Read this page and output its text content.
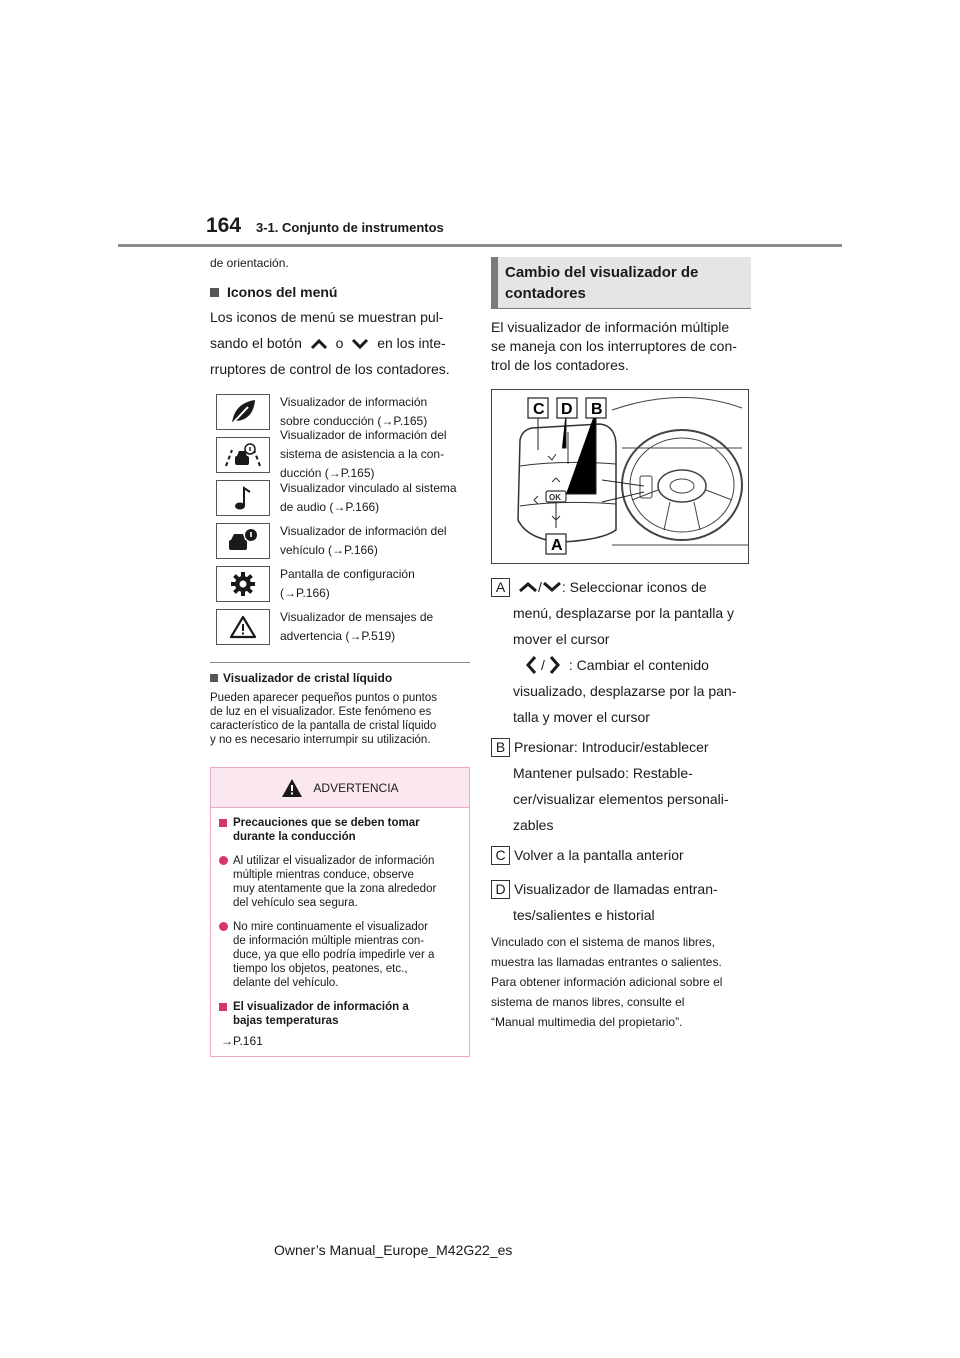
164 3-1. Conjunto de instrumentos
de orientación.
Iconos del menú
Los iconos de menú se muestran pul-
sando el botón o en los inte-
rruptores de control de los contadores.
Visualizador de información
sobre conducción (→P.165)
Visualizador de información del
sistema de asistencia a la con-
ducción (→P.165)
Visualizador vinculado al sistema
de audio (→P.166)
Visualizador de información del
vehículo (→P.166)
Pantalla de configuración
(→P.166)
Visualizador de mensajes de
advertencia (→P.519)
Visualizador de cristal líquido
Pueden aparecer pequeños puntos o puntos
de luz en el visualizador. Este fenómeno es
característico de la pantalla de cristal líquido
y no es necesario interrumpir su utilización.
ADVERTENCIA
Precauciones que se deben tomar
durante la conducción
Al utilizar el visualizador de información
múltiple mientras conduce, observe
muy atentamente que la zona alrededor
del vehículo sea segura.
No mire continuamente el visualizador
de información múltiple mientras con-
duce, ya que ello podría impedirle ver a
tiempo los objetos, peatones, etc.,
delante del vehículo.
El visualizador de información a
bajas temperaturas
→P.161
Cambio del visualizador de
contadores
El visualizador de información múltiple
se maneja con los interruptores de con-
trol de los contadores.
OK
C D B
A
A	/ : Seleccionar iconos de
menú, desplazarse por la pantalla y
mover el cursor
/ : Cambiar el contenido
visualizado, desplazarse por la pan-
talla y mover el cursor
B Presionar: Introducir/establecer
Mantener pulsado: Restable-
cer/visualizar elementos personali-
zables
C Volver a la pantalla anterior
D Visualizador de llamadas entran-
tes/salientes e historial
Vinculado con el sistema de manos libres,
muestra las llamadas entrantes o salientes.
Para obtener información adicional sobre el
sistema de manos libres, consulte el
“Manual multimedia del propietario”.
Owner’s Manual_Europe_M42G22_es
